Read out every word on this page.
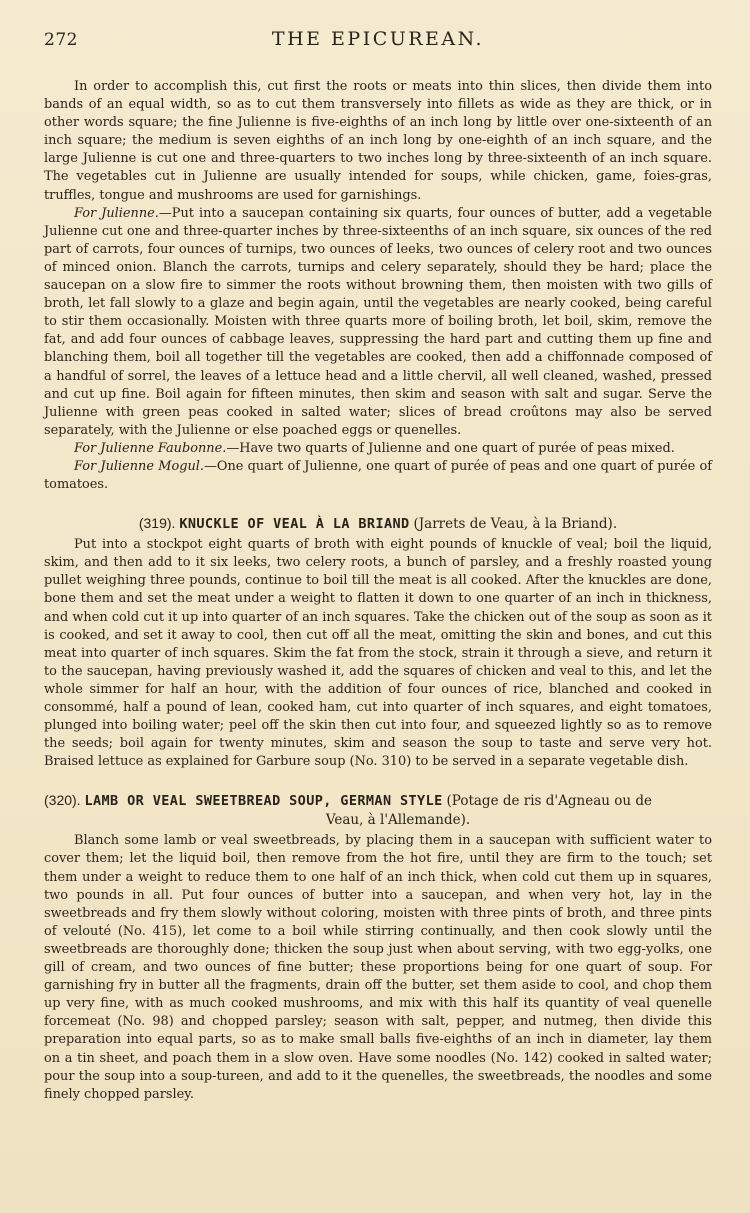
272	THE EPICUREAN.

In order to accomplish this, cut first the roots or meats into thin slices, then divide them into bands of an equal width, so as to cut them transversely into fillets as wide as they are thick, or in other words square; the fine Julienne is five-eighths of an inch long by little over one-sixteenth of an inch square; the medium is seven eighths of an inch long by one-eighth of an inch square, and the large Julienne is cut one and three-quarters to two inches long by three-sixteenth of an inch square. The vegetables cut in Julienne are usually intended for soups, while chicken, game, foies-gras, truffles, tongue and mushrooms are used for garnishings.

For Julienne.—Put into a saucepan containing six quarts, four ounces of butter, add a vegetable Julienne cut one and three-quarter inches by three-sixteenths of an inch square, six ounces of the red part of carrots, four ounces of turnips, two ounces of leeks, two ounces of celery root and two ounces of minced onion. Blanch the carrots, turnips and celery separately, should they be hard; place the saucepan on a slow fire to simmer the roots without browning them, then moisten with two gills of broth, let fall slowly to a glaze and begin again, until the vegetables are nearly cooked, being careful to stir them occasionally. Moisten with three quarts more of boiling broth, let boil, skim, remove the fat, and add four ounces of cabbage leaves, suppressing the hard part and cutting them up fine and blanching them, boil all together till the vegetables are cooked, then add a chiffonnade composed of a handful of sorrel, the leaves of a lettuce head and a little chervil, all well cleaned, washed, pressed and cut up fine. Boil again for fifteen minutes, then skim and season with salt and sugar. Serve the Julienne with green peas cooked in salted water; slices of bread croûtons may also be served separately, with the Julienne or else poached eggs or quenelles.

For Julienne Faubonne.—Have two quarts of Julienne and one quart of purée of peas mixed.

For Julienne Mogul.—One quart of Julienne, one quart of purée of peas and one quart of purée of tomatoes.

(319). KNUCKLE OF VEAL À LA BRIAND (Jarrets de Veau, à la Briand).

Put into a stockpot eight quarts of broth with eight pounds of knuckle of veal; boil the liquid, skim, and then add to it six leeks, two celery roots, a bunch of parsley, and a freshly roasted young pullet weighing three pounds, continue to boil till the meat is all cooked. After the knuckles are done, bone them and set the meat under a weight to flatten it down to one quarter of an inch in thickness, and when cold cut it up into quarter of an inch squares. Take the chicken out of the soup as soon as it is cooked, and set it away to cool, then cut off all the meat, omitting the skin and bones, and cut this meat into quarter of inch squares. Skim the fat from the stock, strain it through a sieve, and return it to the saucepan, having previously washed it, add the squares of chicken and veal to this, and let the whole simmer for half an hour, with the addition of four ounces of rice, blanched and cooked in consommé, half a pound of lean, cooked ham, cut into quarter of inch squares, and eight tomatoes, plunged into boiling water; peel off the skin then cut into four, and squeezed lightly so as to remove the seeds; boil again for twenty minutes, skim and season the soup to taste and serve very hot. Braised lettuce as explained for Garbure soup (No. 310) to be served in a separate vegetable dish.

(320). LAMB OR VEAL SWEETBREAD SOUP, GERMAN STYLE (Potage de ris d'Agneau ou de
Veau, à l'Allemande).

Blanch some lamb or veal sweetbreads, by placing them in a saucepan with sufficient water to cover them; let the liquid boil, then remove from the hot fire, until they are firm to the touch; set them under a weight to reduce them to one half of an inch thick, when cold cut them up in squares, two pounds in all. Put four ounces of butter into a saucepan, and when very hot, lay in the sweetbreads and fry them slowly without coloring, moisten with three pints of broth, and three pints of velouté (No. 415), let come to a boil while stirring continually, and then cook slowly until the sweetbreads are thoroughly done; thicken the soup just when about serving, with two egg-yolks, one gill of cream, and two ounces of fine butter; these proportions being for one quart of soup. For garnishing fry in butter all the fragments, drain off the butter, set them aside to cool, and chop them up very fine, with as much cooked mushrooms, and mix with this half its quantity of veal quenelle forcemeat (No. 98) and chopped parsley; season with salt, pepper, and nutmeg, then divide this preparation into equal parts, so as to make small balls five-eighths of an inch in diameter, lay them on a tin sheet, and poach them in a slow oven. Have some noodles (No. 142) cooked in salted water; pour the soup into a soup-tureen, and add to it the quenelles, the sweetbreads, the noodles and some finely chopped parsley.
